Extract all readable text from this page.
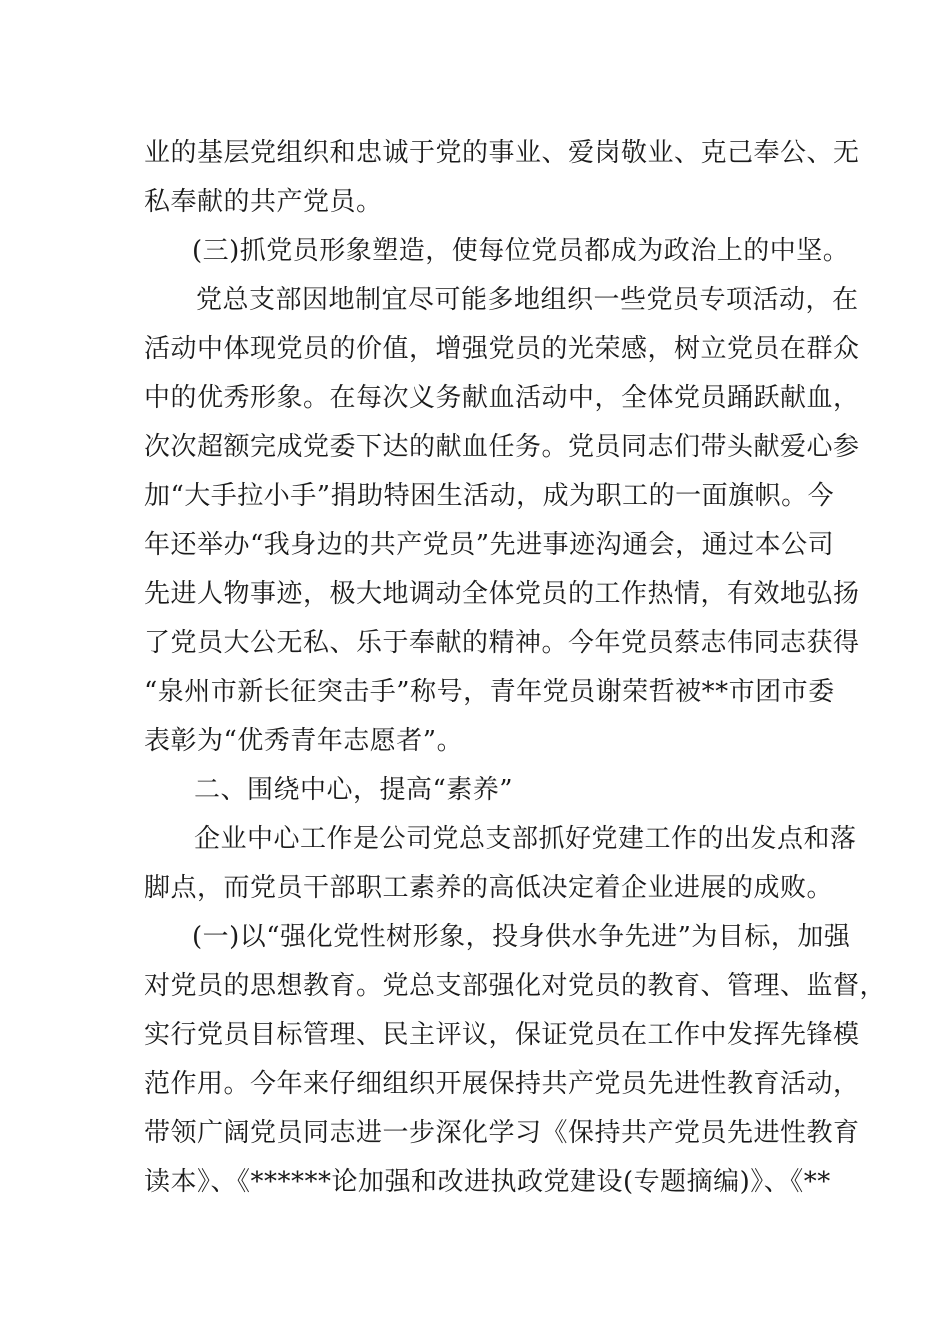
业的基层党组织和忠诚于党的事业、爱岗敬业、克己奉公、无
私奉献的共产党员。
(三)抓党员形象塑造，使每位党员都成为政治上的中坚。
党总支部因地制宜尽可能多地组织一些党员专项活动，在
活动中体现党员的价值，增强党员的光荣感，树立党员在群众
中的优秀形象。在每次义务献血活动中，全体党员踊跃献血，
次次超额完成党委下达的献血任务。党员同志们带头献爱心参
加“大手拉小手”捐助特困生活动，成为职工的一面旗帜。今
年还举办“我身边的共产党员”先进事迹沟通会，通过本公司
先进人物事迹，极大地调动全体党员的工作热情，有效地弘扬
了党员大公无私、乐于奉献的精神。今年党员蔡志伟同志获得
“泉州市新长征突击手”称号，青年党员谢荣哲被**市团市委
表彰为“优秀青年志愿者”。
二、围绕中心，提高“素养”
企业中心工作是公司党总支部抓好党建工作的出发点和落
脚点，而党员干部职工素养的高低决定着企业进展的成败。
(一)以“强化党性树形象，投身供水争先进”为目标，加强
对党员的思想教育。党总支部强化对党员的教育、管理、监督，
实行党员目标管理、民主评议，保证党员在工作中发挥先锋模
范作用。今年来仔细组织开展保持共产党员先进性教育活动，
带领广阔党员同志进一步深化学习《保持共产党员先进性教育
读本》、《******论加强和改进执政党建设(专题摘编)》、《**
